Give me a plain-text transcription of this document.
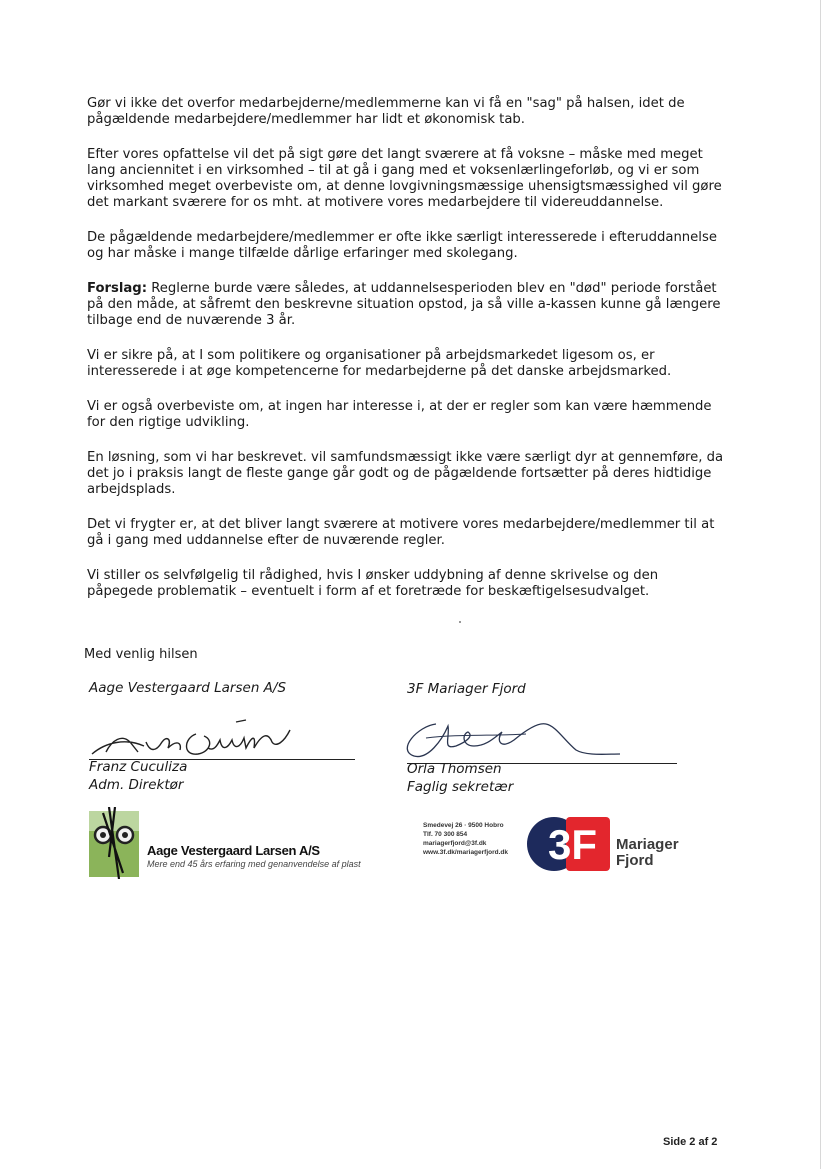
Gør vi ikke det overfor medarbejderne/medlemmerne kan vi få en "sag" på halsen, idet de pågældende medarbejdere/medlemmer har lidt et økonomisk tab.

Efter vores opfattelse vil det på sigt gøre det langt sværere at få voksne – måske med meget lang anciennitet i en virksomhed – til at gå i gang med et voksenlærlingeforløb, og vi er som virksomhed meget overbeviste om, at denne lovgivningsmæssige uhensigtsmæssighed vil gøre det markant sværere for os mht. at motivere vores medarbejdere til videreuddannelse.

De pågældende medarbejdere/medlemmer er ofte ikke særligt interesserede i efteruddannelse og har måske i mange tilfælde dårlige erfaringer med skolegang.

Forslag: Reglerne burde være således, at uddannelsesperioden blev en "død" periode forstået på den måde, at såfremt den beskrevne situation opstod, ja så ville a-kassen kunne gå længere tilbage end de nuværende 3 år.

Vi er sikre på, at I som politikere og organisationer på arbejdsmarkedet ligesom os, er interesserede i at øge kompetencerne for medarbejderne på det danske arbejdsmarked.

Vi er også overbeviste om, at ingen har interesse i, at der er regler som kan være hæmmende for den rigtige udvikling.

En løsning, som vi har beskrevet. vil samfundsmæssigt ikke være særligt dyr at gennemføre, da det jo i praksis langt de fleste gange går godt og de pågældende fortsætter på deres hidtidige arbejdsplads.

Det vi frygter er, at det bliver langt sværere at motivere vores medarbejdere/medlemmer til at gå i gang med uddannelse efter de nuværende regler.

Vi stiller os selvfølgelig til rådighed, hvis I ønsker uddybning af denne skrivelse og den påpegede problematik – eventuelt i form af et foretræde for beskæftigelsesudvalget.

Med venlig hilsen
Aage Vestergaard Larsen A/S
Franz Cuculiza
Adm. Direktør
3F Mariager Fjord
Orla Thomsen
Faglig sekretær
Aage Vestergaard Larsen A/S
Mere end 45 års erfaring med genanvendelse af plast
Smedevej 26 · 9500 Hobro
Tlf. 70 300 854
mariagerfjord@3f.dk
www.3f.dk/mariagerfjord.dk 3F Mariager
Fjord
Side 2 af 2
